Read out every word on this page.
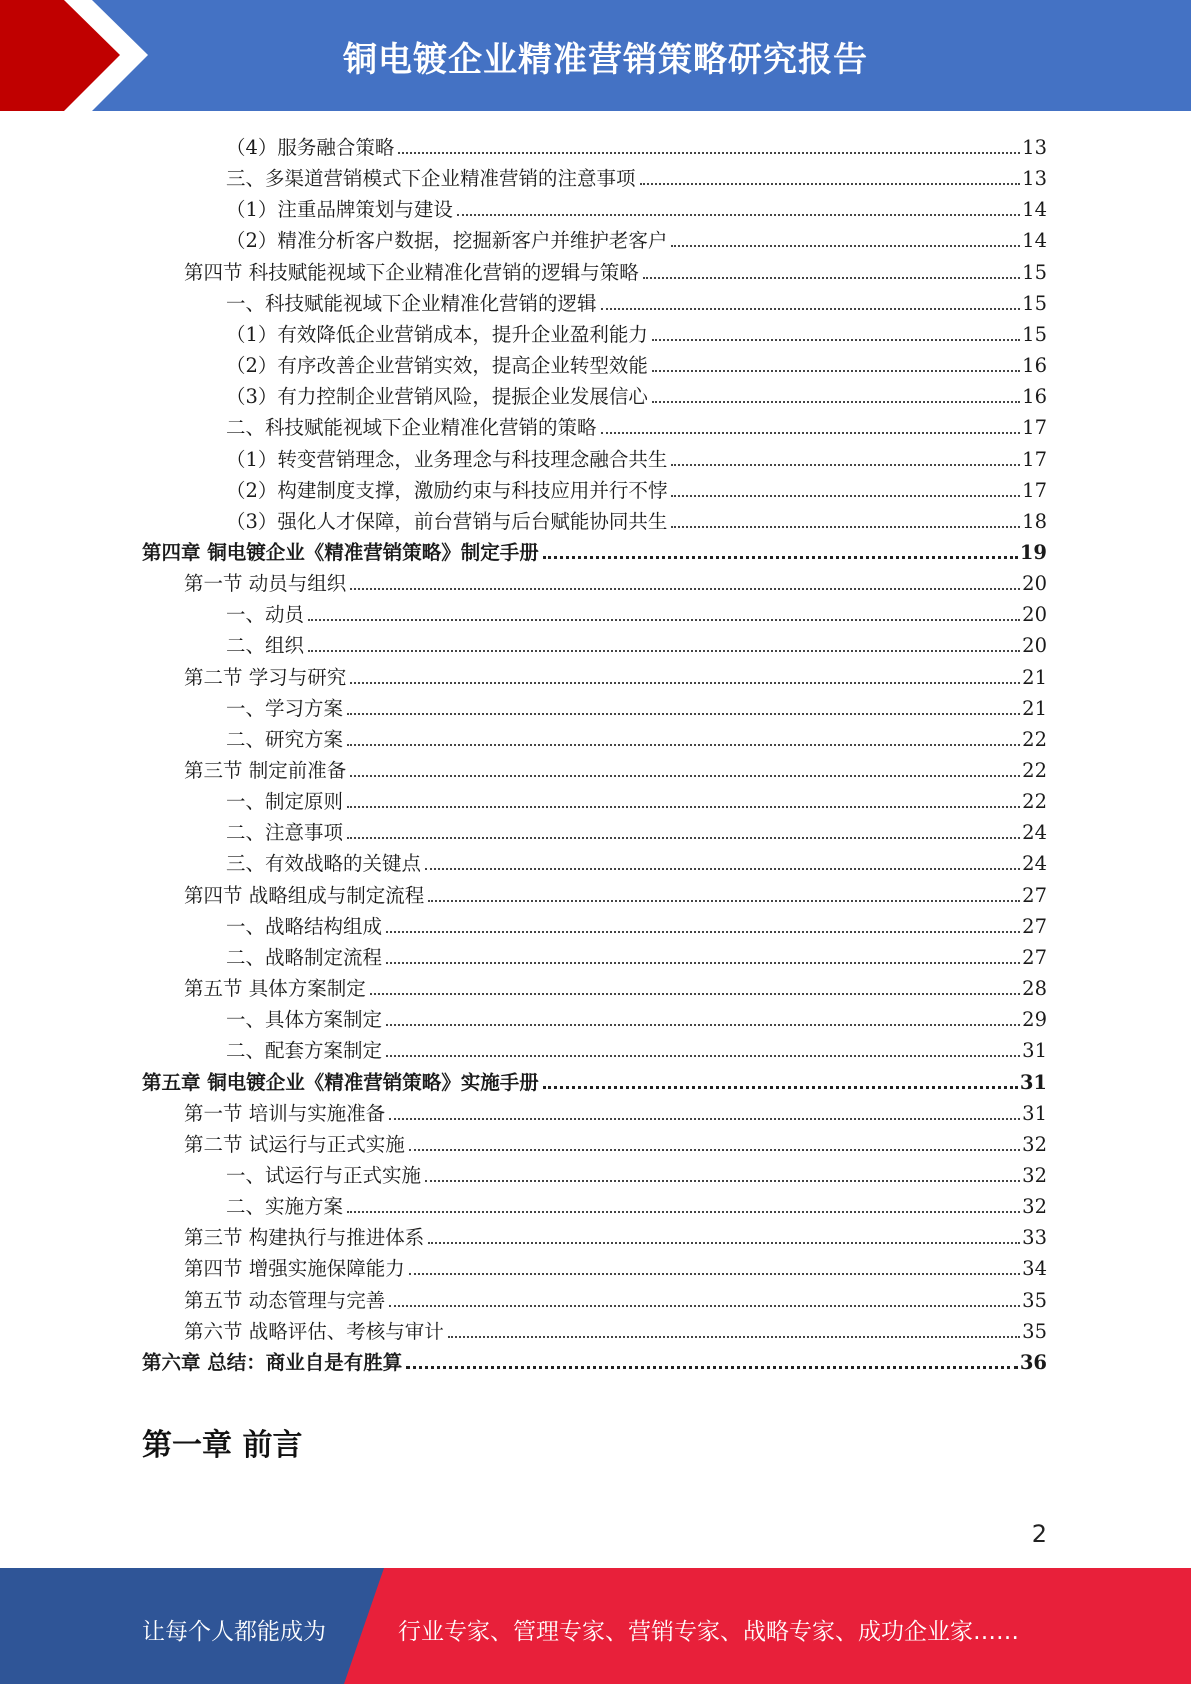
铜电镀企业精准营销策略研究报告
（4）服务融合策略	13
三、多渠道营销模式下企业精准营销的注意事项	13
（1）注重品牌策划与建设	14
（2）精准分析客户数据，挖掘新客户并维护老客户	14
第四节 科技赋能视域下企业精准化营销的逻辑与策略	15
一、科技赋能视域下企业精准化营销的逻辑	15
（1）有效降低企业营销成本，提升企业盈利能力	15
（2）有序改善企业营销实效，提高企业转型效能	16
（3）有力控制企业营销风险，提振企业发展信心	16
二、科技赋能视域下企业精准化营销的策略	17
（1）转变营销理念，业务理念与科技理念融合共生	17
（2）构建制度支撑，激励约束与科技应用并行不悖	17
（3）强化人才保障，前台营销与后台赋能协同共生	18
第四章 铜电镀企业《精准营销策略》制定手册	19
第一节 动员与组织	20
一、动员	20
二、组织	20
第二节 学习与研究	21
一、学习方案	21
二、研究方案	22
第三节 制定前准备	22
一、制定原则	22
二、注意事项	24
三、有效战略的关键点	24
第四节 战略组成与制定流程	27
一、战略结构组成	27
二、战略制定流程	27
第五节 具体方案制定	28
一、具体方案制定	29
二、配套方案制定	31
第五章 铜电镀企业《精准营销策略》实施手册	31
第一节 培训与实施准备	31
第二节 试运行与正式实施	32
一、试运行与正式实施	32
二、实施方案	32
第三节 构建执行与推进体系	33
第四节 增强实施保障能力	34
第五节 动态管理与完善	35
第六节 战略评估、考核与审计	35
第六章 总结：商业自是有胜算	36
第一章 前言
2
让每个人都能成为	行业专家、管理专家、营销专家、战略专家、成功企业家……
